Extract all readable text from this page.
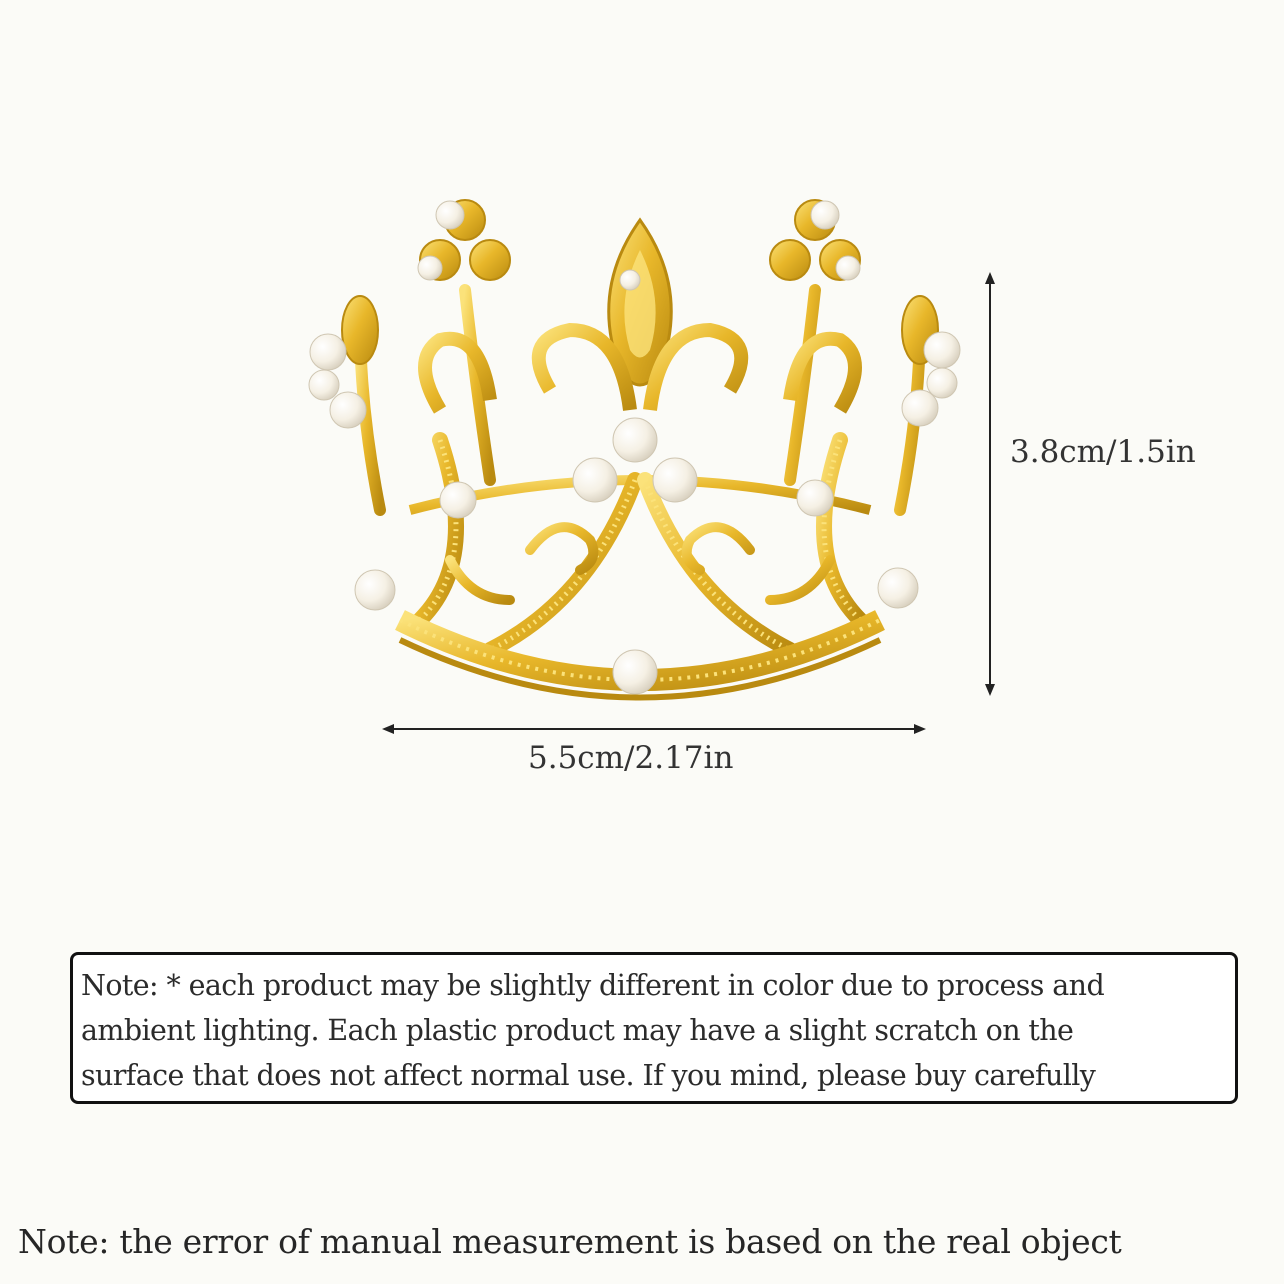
3.8cm/1.5in
5.5cm/2.17in
Note: * each product may be slightly different in color due to process and
ambient lighting. Each plastic product may have a slight scratch on the
surface that does not affect normal use. If you mind, please buy carefully
Note: the error of manual measurement is based on the real object
